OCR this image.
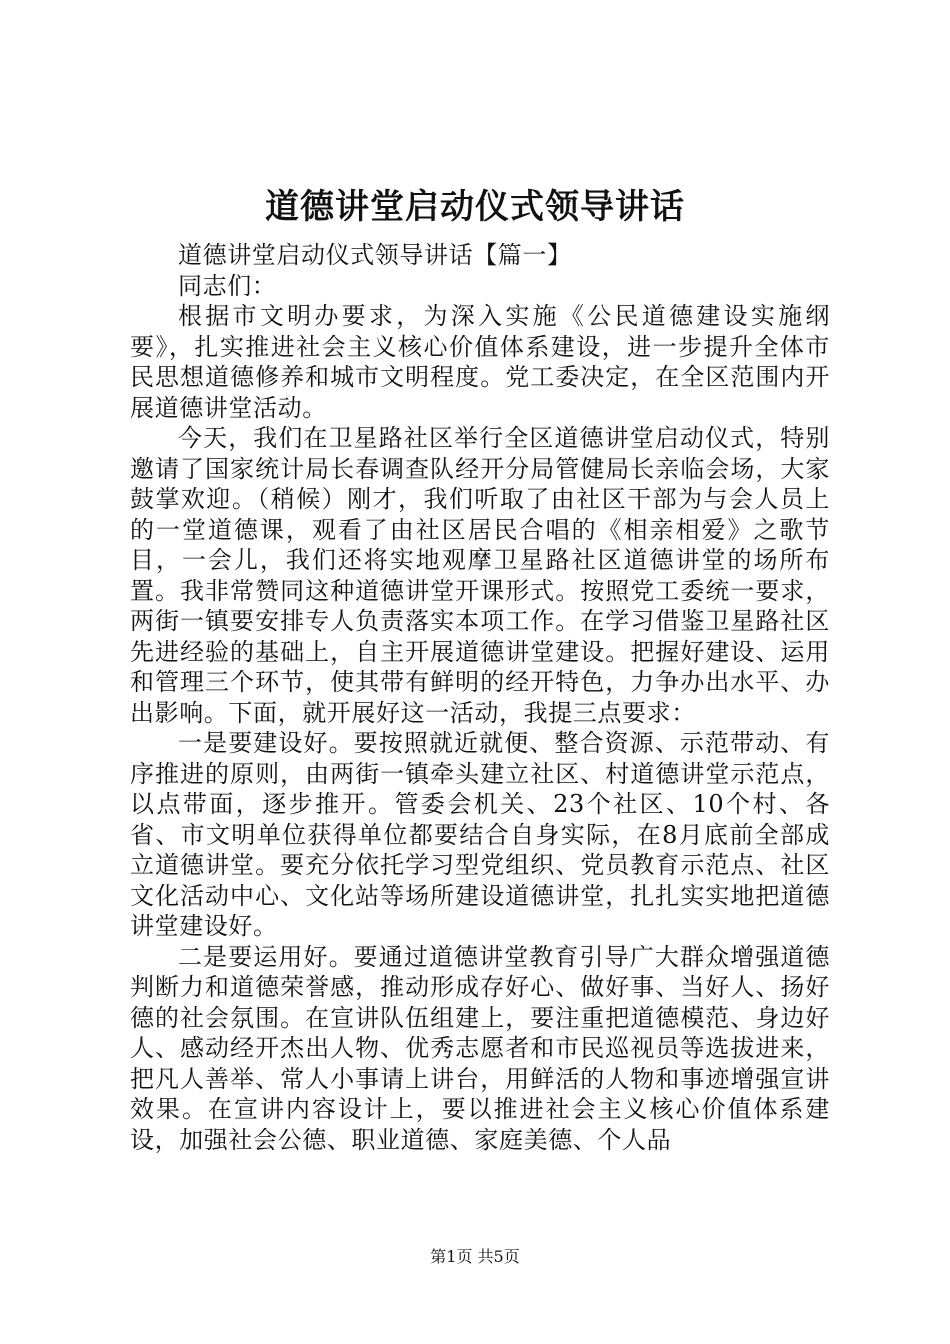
道德讲堂启动仪式领导讲话

道德讲堂启动仪式领导讲话【篇一】

同志们：

根据市文明办要求，为深入实施《公民道德建设实施纲要》，扎实推进社会主义核心价值体系建设，进一步提升全体市民思想道德修养和城市文明程度。党工委决定，在全区范围内开展道德讲堂活动。

今天，我们在卫星路社区举行全区道德讲堂启动仪式，特别邀请了国家统计局长春调查队经开分局管健局长亲临会场，大家鼓掌欢迎。（稍候）刚才，我们听取了由社区干部为与会人员上的一堂道德课，观看了由社区居民合唱的《相亲相爱》之歌节目，一会儿，我们还将实地观摩卫星路社区道德讲堂的场所布置。我非常赞同这种道德讲堂开课形式。按照党工委统一要求，两街一镇要安排专人负责落实本项工作。在学习借鉴卫星路社区先进经验的基础上，自主开展道德讲堂建设。把握好建设、运用和管理三个环节，使其带有鲜明的经开特色，力争办出水平、办出影响。下面，就开展好这一活动，我提三点要求：

一是要建设好。要按照就近就便、整合资源、示范带动、有序推进的原则，由两街一镇牵头建立社区、村道德讲堂示范点，以点带面，逐步推开。管委会机关、23个社区、10个村、各省、市文明单位获得单位都要结合自身实际，在8月底前全部成立道德讲堂。要充分依托学习型党组织、党员教育示范点、社区文化活动中心、文化站等场所建设道德讲堂，扎扎实实地把道德讲堂建设好。

二是要运用好。要通过道德讲堂教育引导广大群众增强道德判断力和道德荣誉感，推动形成存好心、做好事、当好人、扬好德的社会氛围。在宣讲队伍组建上，要注重把道德模范、身边好人、感动经开杰出人物、优秀志愿者和市民巡视员等选拔进来，把凡人善举、常人小事请上讲台，用鲜活的人物和事迹增强宣讲效果。在宣讲内容设计上，要以推进社会主义核心价值体系建设，加强社会公德、职业道德、家庭美德、个人品

第1页 共5页
